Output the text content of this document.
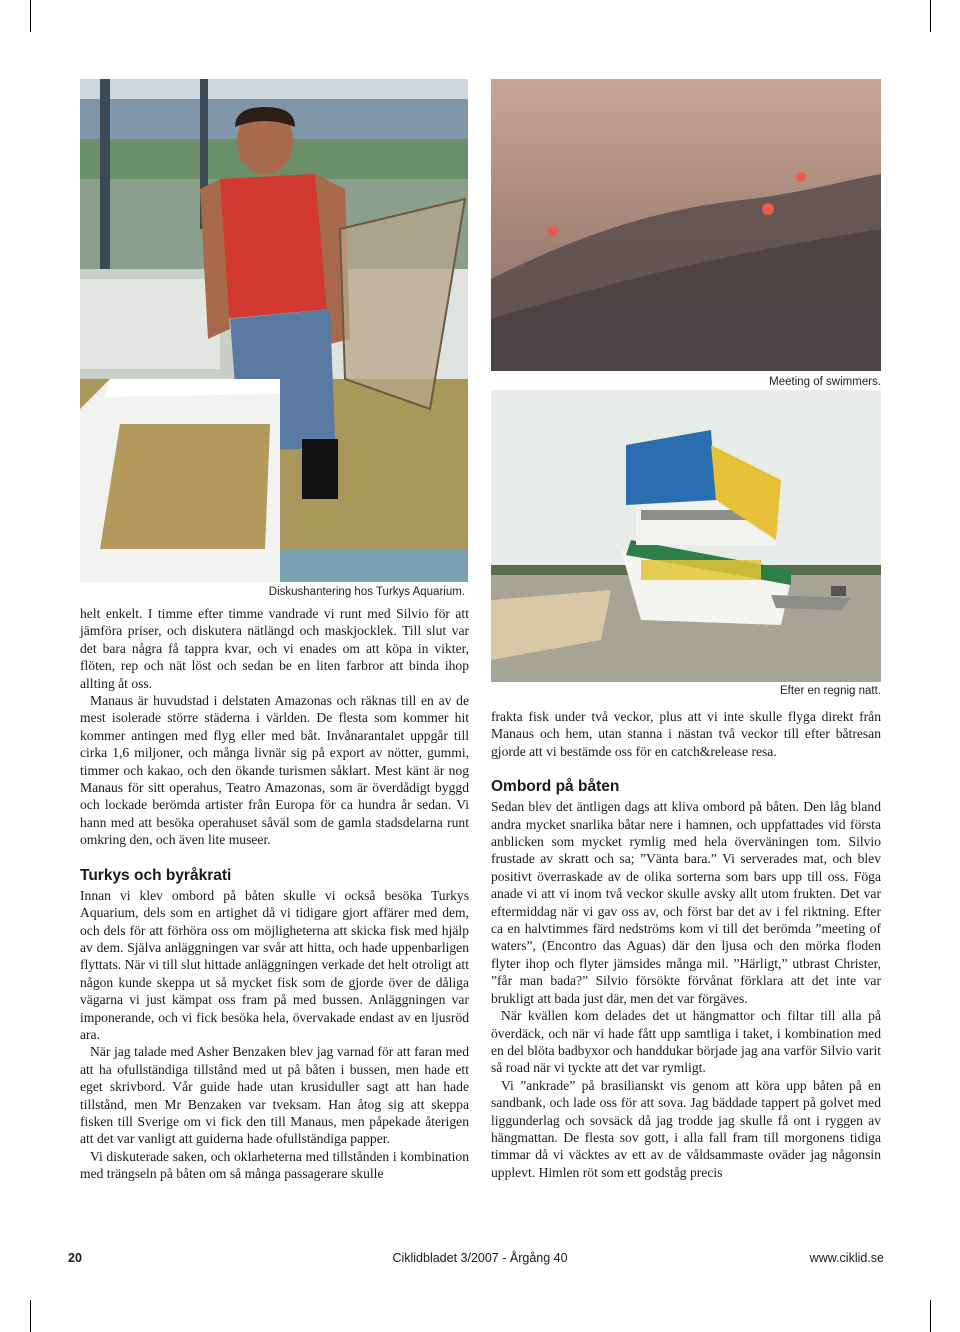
Diskushantering hos Turkys Aquarium.
Meeting of swimmers.
Efter en regnig natt.

helt enkelt. I timme efter timme vandrade vi runt med Silvio för att jämföra priser, och diskutera nätlängd och maskjocklek. Till slut var det bara några få tappra kvar, och vi enades om att köpa in vikter, flöten, rep och nät löst och sedan be en liten farbror att binda ihop allting åt oss.

Manaus är huvudstad i delstaten Amazonas och räknas till en av de mest isolerade större städerna i världen. De flesta som kommer hit kommer antingen med flyg eller med båt. Invånarantalet uppgår till cirka 1,6 miljoner, och många livnär sig på export av nötter, gummi, timmer och kakao, och den ökande turismen såklart. Mest känt är nog Manaus för sitt operahus, Teatro Amazonas, som är överdådigt byggd och lockade berömda artister från Europa för ca hundra år sedan. Vi hann med att besöka operahuset såväl som de gamla stadsdelarna runt omkring den, och även lite museer.

Turkys och byråkrati

Innan vi klev ombord på båten skulle vi också besöka Turkys Aquarium, dels som en artighet då vi tidigare gjort affärer med dem, och dels för att förhöra oss om möjligheterna att skicka fisk med hjälp av dem. Själva anläggningen var svår att hitta, och hade uppenbarligen flyttats. När vi till slut hittade anläggningen verkade det helt otroligt att någon kunde skeppa ut så mycket fisk som de gjorde över de dåliga vägarna vi just kämpat oss fram på med bussen. Anläggningen var imponerande, och vi fick besöka hela, övervakade endast av en ljusröd ara.

När jag talade med Asher Benzaken blev jag varnad för att faran med att ha ofullständiga tillstånd med ut på båten i bussen, men hade ett eget skrivbord. Vår guide hade utan krusiduller sagt att han hade tillstånd, men Mr Benzaken var tveksam. Han åtog sig att skeppa fisken till Sverige om vi fick den till Manaus, men påpekade återigen att det var vanligt att guiderna hade ofullständiga papper.

Vi diskuterade saken, och oklarheterna med tillstånden i kombination med trängseln på båten om så många passagerare skulle

frakta fisk under två veckor, plus att vi inte skulle flyga direkt från Manaus och hem, utan stanna i nästan två veckor till efter båtresan gjorde att vi bestämde oss för en catch&release resa.

Ombord på båten

Sedan blev det äntligen dags att kliva ombord på båten. Den låg bland andra mycket snarlika båtar nere i hamnen, och uppfattades vid första anblicken som mycket rymlig med hela överväningen tom. Silvio frustade av skratt och sa; ”Vänta bara.” Vi serverades mat, och blev positivt överraskade av de olika sorterna som bars upp till oss. Föga anade vi att vi inom två veckor skulle avsky allt utom frukten. Det var eftermiddag när vi gav oss av, och först bar det av i fel riktning. Efter ca en halvtimmes färd nedströms kom vi till det berömda ”meeting of waters”, (Encontro das Aguas) där den ljusa och den mörka floden flyter ihop och flyter jämsides många mil. ”Härligt,” utbrast Christer, ”får man bada?” Silvio försökte förvånat förklara att det inte var brukligt att bada just där, men det var förgäves.

När kvällen kom delades det ut hängmattor och filtar till alla på överdäck, och när vi hade fått upp samtliga i taket, i kombination med en del blöta badbyxor och handdukar började jag ana varför Silvio varit så road när vi tyckte att det var rymligt.

Vi ”ankrade” på brasilianskt vis genom att köra upp båten på en sandbank, och lade oss för att sova. Jag bäddade tappert på golvet med liggunderlag och sovsäck då jag trodde jag skulle få ont i ryggen av hängmattan. De flesta sov gott, i alla fall fram till morgonens tidiga timmar då vi väcktes av ett av de våldsammaste oväder jag någonsin upplevt. Himlen röt som ett godståg precis

20	Ciklidbladet 3/2007 - Årgång 40	www.ciklid.se
